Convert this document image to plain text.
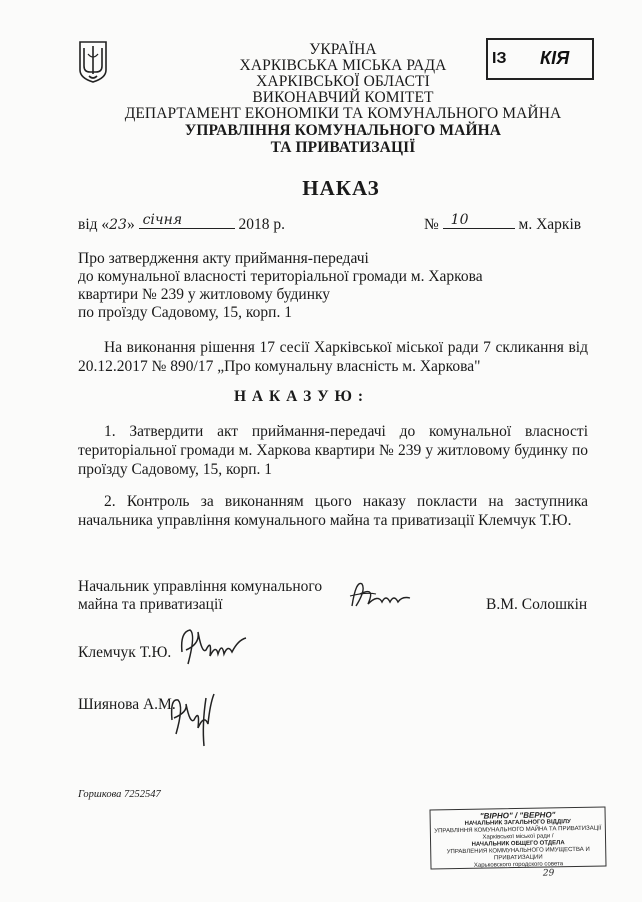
ІЗ КІЯ
УКРАЇНА
ХАРКІВСЬКА МІСЬКА РАДА
ХАРКІВСЬКОЇ ОБЛАСТІ
ВИКОНАВЧИЙ КОМІТЕТ
ДЕПАРТАМЕНТ ЕКОНОМІКИ ТА КОМУНАЛЬНОГО МАЙНА
УПРАВЛІННЯ КОМУНАЛЬНОГО МАЙНА
ТА ПРИВАТИЗАЦІЇ
НАКАЗ
від «23» січня	2018 р.	№ 10	м. Харків
Про затвердження акту приймання-передачі
до комунальної власності територіальної громади м. Харкова
квартири № 239 у житловому будинку
по проїзду Садовому, 15, корп. 1
На виконання рішення 17 сесії Харківської міської ради 7 скликання від 20.12.2017 № 890/17 „Про комунальну власність м. Харкова"
Н А К А З У Ю :
1. Затвердити акт приймання-передачі до комунальної власності територіальної громади м. Харкова квартири № 239 у житловому будинку по проїзду Садовому, 15, корп. 1
2. Контроль за виконанням цього наказу покласти на заступника начальника управління комунального майна та приватизації Клемчук Т.Ю.
Начальник управління комунального
майна та приватизації	В.М. Солошкін
Клемчук Т.Ю.
Шиянова А.М.
Горшкова 7252547
"ВІРНО" / "ВЕРНО"
НАЧАЛЬНИК ЗАГАЛЬНОГО ВІДДІЛУ
УПРАВЛІННЯ КОМУНАЛЬНОГО МАЙНА ТА ПРИВАТИЗАЦІЇ
Харківської міської ради /
НАЧАЛЬНИК ОБЩЕГО ОТДЕЛА
УПРАВЛЕНИЯ КОММУНАЛЬНОГО ИМУЩЕСТВА И ПРИВАТИЗАЦИИ
Харьковского городского совета
29
